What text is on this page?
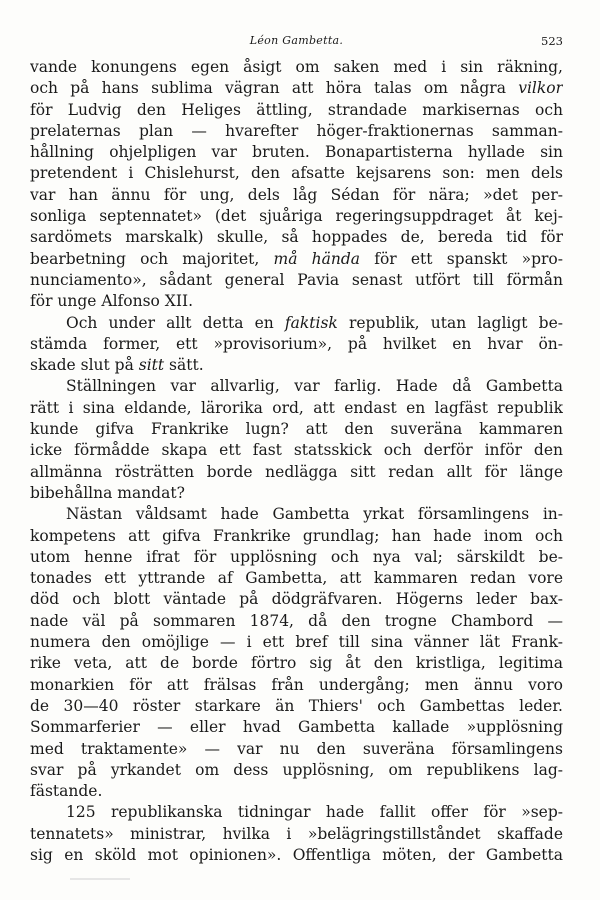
Léon Gambetta.	523
vande konungens egen åsigt om saken med i sin räkning,
och på hans sublima vägran att höra talas om några vilkor
för Ludvig den Heliges ättling, strandade markisernas och
prelaternas plan — hvarefter höger-fraktionernas samman-
hållning ohjelpligen var bruten. Bonapartisterna hyllade sin
pretendent i Chislehurst, den afsatte kejsarens son: men dels
var han ännu för ung, dels låg Sédan för nära; »det per-
sonliga septennatet» (det sjuåriga regeringsuppdraget åt kej-
sardömets marskalk) skulle, så hoppades de, bereda tid för
bearbetning och majoritet, må hända för ett spanskt »pro-
nunciamento», sådant general Pavia senast utfört till förmån
för unge Alfonso XII.
Och under allt detta en faktisk republik, utan lagligt be-
stämda former, ett »provisorium», på hvilket en hvar ön-
skade slut på sitt sätt.
Ställningen var allvarlig, var farlig. Hade då Gambetta
rätt i sina eldande, lärorika ord, att endast en lagfäst republik
kunde gifva Frankrike lugn? att den suveräna kammaren
icke förmådde skapa ett fast statsskick och derför inför den
allmänna rösträtten borde nedlägga sitt redan allt för länge
bibehållna mandat?
Nästan våldsamt hade Gambetta yrkat församlingens in-
kompetens att gifva Frankrike grundlag; han hade inom och
utom henne ifrat för upplösning och nya val; särskildt be-
tonades ett yttrande af Gambetta, att kammaren redan vore
död och blott väntade på dödgräfvaren. Högerns leder bax-
nade väl på sommaren 1874, då den trogne Chambord —
numera den omöjlige — i ett bref till sina vänner lät Frank-
rike veta, att de borde förtro sig åt den kristliga, legitima
monarkien för att frälsas från undergång; men ännu voro
de 30—40 röster starkare än Thiers' och Gambettas leder.
Sommarferier — eller hvad Gambetta kallade »upplösning
med traktamente» — var nu den suveräna församlingens
svar på yrkandet om dess upplösning, om republikens lag-
fästande.
125 republikanska tidningar hade fallit offer för »sep-
tennatets» ministrar, hvilka i »belägringstillståndet skaffade
sig en sköld mot opinionen». Offentliga möten, der Gambetta
